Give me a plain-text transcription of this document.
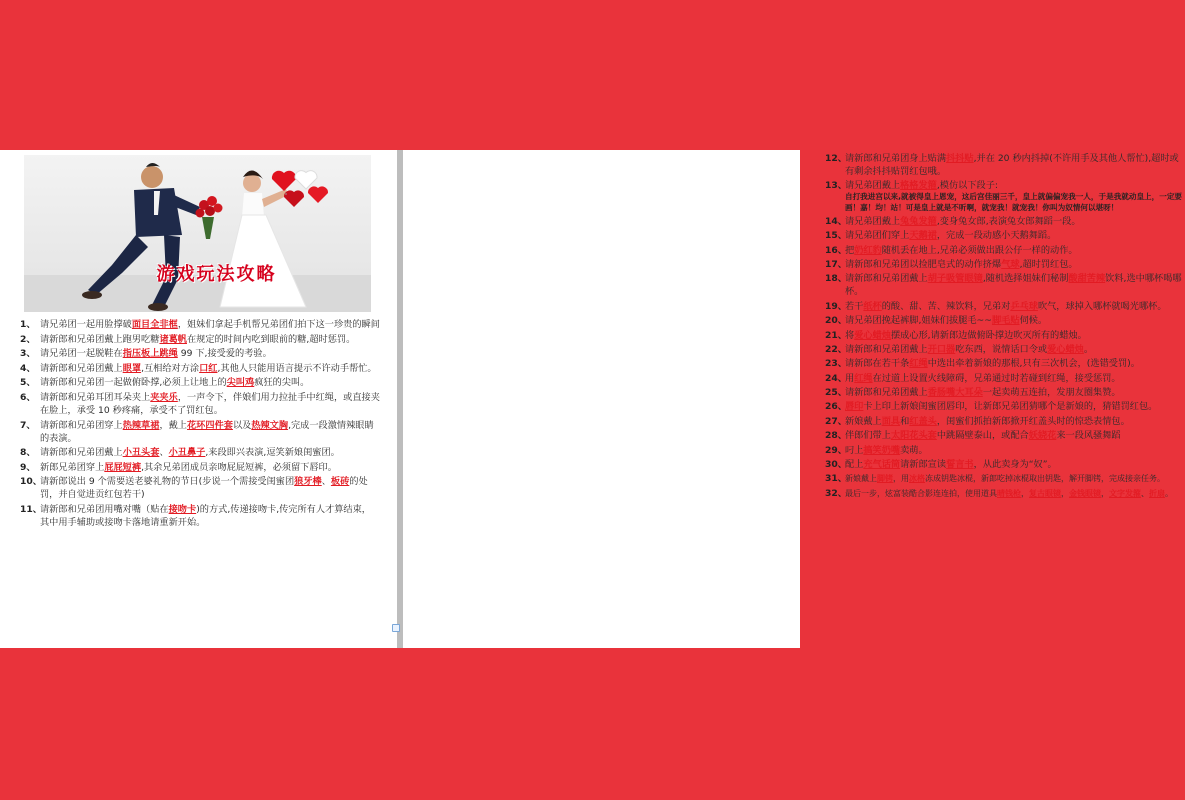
游戏玩法攻略
1、 请兄弟团一起用脸撑破面目全非框，姐妹们拿起手机帮兄弟团们拍下这一珍贵的瞬间
2、 请新郎和兄弟团戴上跑男吃糖诸葛帆在规定的时间内吃到眼前的糖,超时惩罚。
3、 请兄弟团一起脱鞋在指压板上跳绳 99 下,接受爱的考验。
4、 请新郎和兄弟团戴上眼罩,互相给对方涂口红,其他人只能用语言提示不许动手帮忙。
5、 请新郎和兄弟团一起做俯卧撑,必须上让地上的尖叫鸡疯狂的尖叫。
6、 请新郎和兄弟耳团耳朵夹上夹夹乐，一声令下，伴娘们用力拉扯手中红绳，或直接夹在脸上，承受 10 秒疼痛，承受不了罚红包。
7、 请新郎和兄弟团穿上热辣草裙，戴上花环四件套以及热辣文胸,完成一段激情辣眼睛的表演。
8、 请新郎和兄弟团戴上小丑头套、小丑鼻子,来段即兴表演,逗笑新娘闺蜜团。
9、 新郎兄弟团穿上屁屁短裤,其余兄弟团成员亲吻屁屁短裤，必须留下唇印。
10、
请新郎说出 9 个需要送老婆礼物的节日(步说一个需接受闺蜜团狼牙棒、板砖的处罚，并自觉进贡红包若干)
11、
请新郎和兄弟团用嘴对嘴（贴在接吻卡)的方式,传递接吻卡,传完所有人才算结束，其中用手辅助或接吻卡落地请重新开始。
12、
请新郎和兄弟团身上贴满抖抖贴,并在 20 秒内抖掉(不许用手及其他人帮忙),超时或有剩余抖抖贴罚红包哦。
13、
请兄弟团戴上格格发箍,模仿以下段子:
自打我进宫以来,就被得皇上恩宠，这后宫佳丽三千，皇上就偏偏宠我一人，于是我就动皇上，一定要画！嘉！均！站！可是皇上就是不听啊，就宠我！就宠我！你叫为奴情何以堪呀！
14、
请兄弟团戴上兔兔发箍,变身兔女郎,表演兔女郎舞蹈一段。
15、
请兄弟团们穿上天鹅裙，完成一段动感小天鹅舞蹈。
16、
把奶红豹随机丢在地上,兄弟必须做出跟公仔一样的动作。
17、
请新郎和兄弟团以捡肥皂式的动作挤爆气球,超时罚红包。
18、
请新郎和兄弟团戴上胡子吸管眼镜,随机选择姐妹们秘制酸甜苦辣饮料,选中哪杯喝哪杯。
19、
若干纸杯的酸、甜、苦、辣饮料，兄弟对乒乓球吹气，球掉入哪杯就喝光哪杯。
20、
请兄弟团挽起裤脚,姐妹们拔腿毛~~脚毛贴伺候。
21、
将爱心蜡烛摆成心形,请新郎边做俯卧撑边吹灭所有的蜡烛。
22、
请新郎和兄弟团戴上开口器吃东西，说情话口令或爱心蜡烛。
23、
请新郎在若干条红绳中选出牵着新娘的那根,只有三次机会，(选错受罚)。
24、
用红绳在过道上设置火线障碍，兄弟通过时若碰到红绳，接受惩罚。
25、
请新郎和兄弟团戴上香肠嘴大耳朵一起卖萌五连拍，发朋友圈集赞。
26、
唇印卡上印上新娘闺蜜团唇印，让新郎兄弟团猜哪个是新娘的，猜错罚红包。
27、
新娘戴上面具和红盖头，闺蜜们抓拍新郎掀开红盖头时的惊恐表情包。
28、
伴郎们带上太阳花头套中跳隔壁泰山，或配合妖娆花来一段风骚舞蹈
29、
叼上搞笑奶嘴卖萌。
30、
配上充气话筒请新郎宣读誓言书，从此卖身为“奴”。
31、
新娘戴上脚铐，用冰格冻成钥匙冰棍，新郎吃掉冰棍取出钥匙，解开脚铐，完成接亲任务。
32、
最后一步，炫富装酷合影连连拍，使用道具晴钱枪，复古眼镜，金钱眼镜，文字发箍、折扇。
